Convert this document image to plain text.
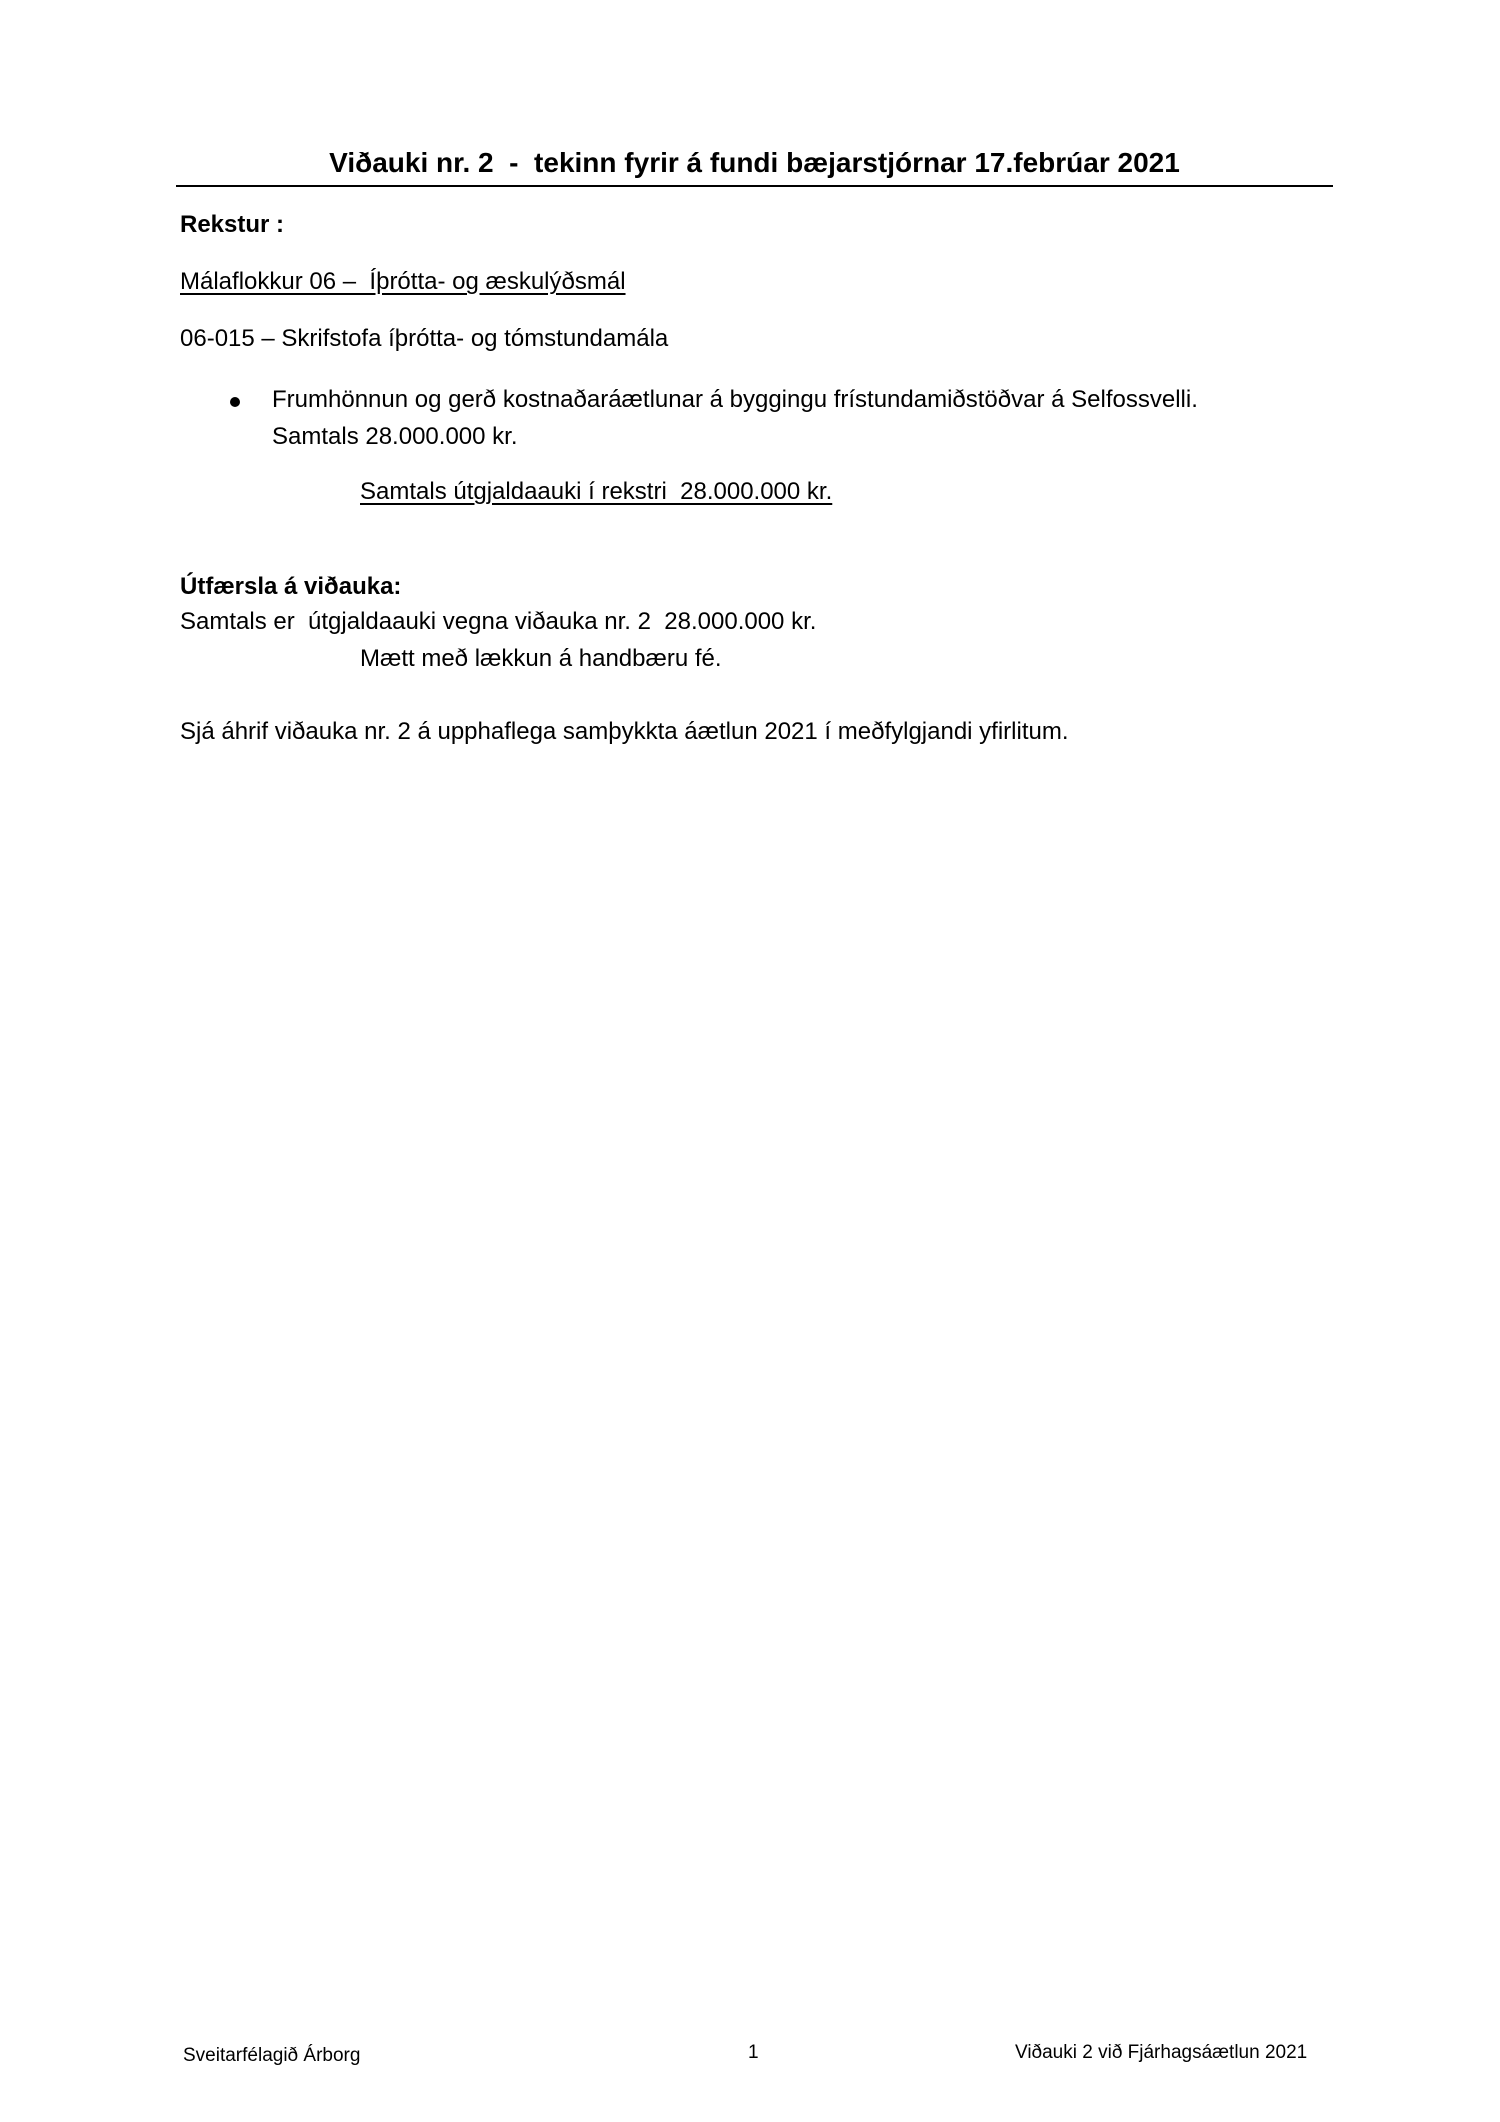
Viðauki nr. 2  -  tekinn fyrir á fundi bæjarstjórnar 17.febrúar 2021
Rekstur :
Málaflokkur 06 –  Íþrótta- og æskulýðsmál
06-015 – Skrifstofa íþrótta- og tómstundamála
Frumhönnun og gerð kostnaðaráætlunar á byggingu frístundamiðstöðvar á Selfossvelli.
Samtals 28.000.000 kr.
Samtals útgjaldaauki í rekstri  28.000.000 kr.
Útfærsla á viðauka:
Samtals er  útgjaldaauki vegna viðauka nr. 2  28.000.000 kr.
Mætt með lækkun á handbæru fé.
Sjá áhrif viðauka nr. 2 á upphaflega samþykkta áætlun 2021 í meðfylgjandi yfirlitum.
Sveitarfélagið Árborg	1	Viðauki 2 við Fjárhagsáætlun 2021
